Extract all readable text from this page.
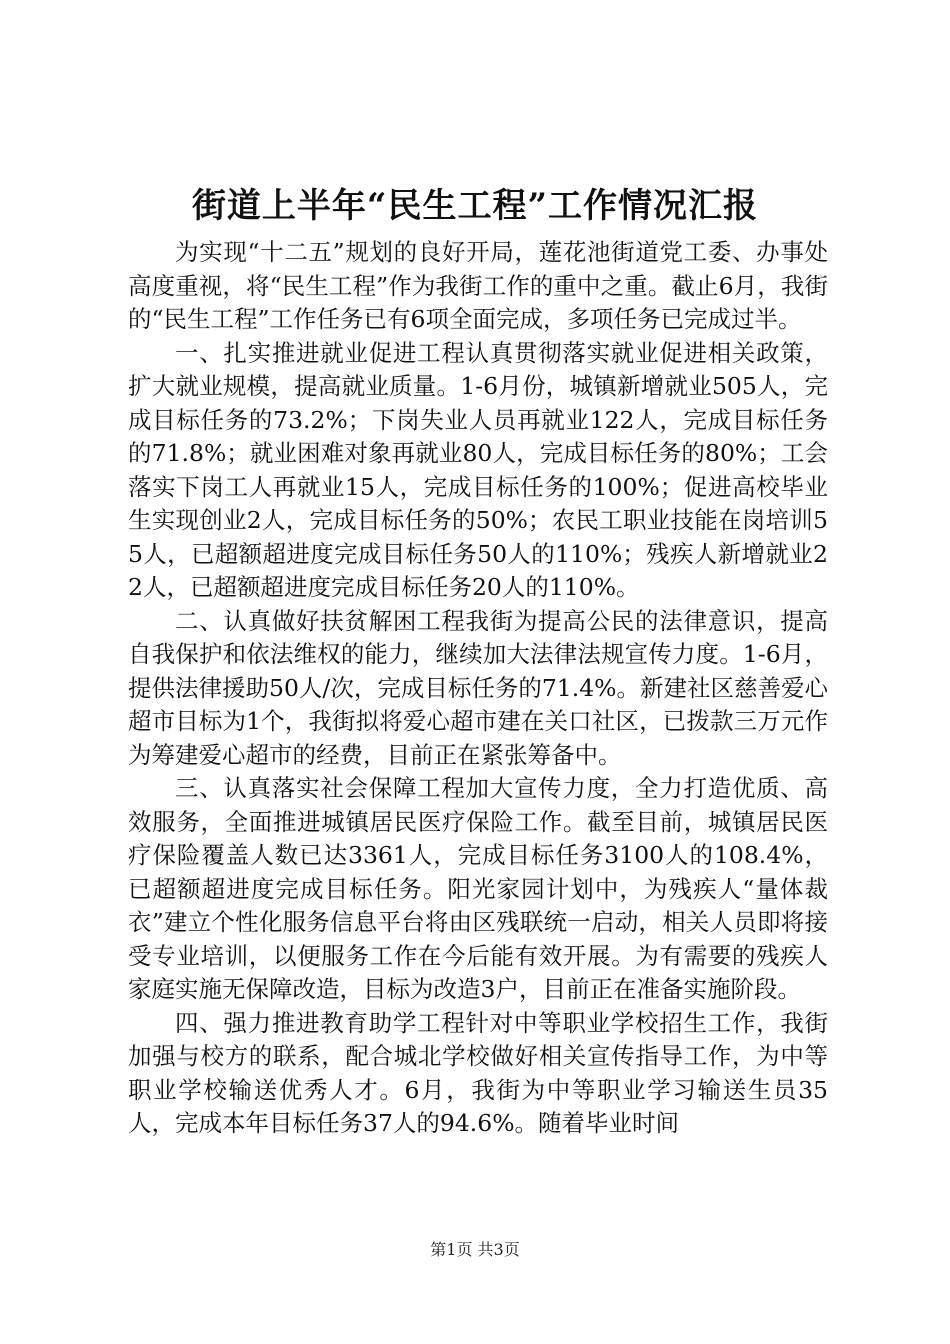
街道上半年“民生工程”工作情况汇报

为实现“十二五”规划的良好开局，莲花池街道党工委、办事处高度重视，将“民生工程”作为我街工作的重中之重。截止6月，我街的“民生工程”工作任务已有6项全面完成，多项任务已完成过半。

一、扎实推进就业促进工程认真贯彻落实就业促进相关政策，扩大就业规模，提高就业质量。1-6月份，城镇新增就业505人，完成目标任务的73.2%；下岗失业人员再就业122人，完成目标任务的71.8%；就业困难对象再就业80人，完成目标任务的80%；工会落实下岗工人再就业15人，完成目标任务的100%；促进高校毕业生实现创业2人，完成目标任务的50%；农民工职业技能在岗培训55人，已超额超进度完成目标任务50人的110%；残疾人新增就业22人，已超额超进度完成目标任务20人的110%。

二、认真做好扶贫解困工程我街为提高公民的法律意识，提高自我保护和依法维权的能力，继续加大法律法规宣传力度。1-6月，提供法律援助50人/次，完成目标任务的71.4%。新建社区慈善爱心超市目标为1个，我街拟将爱心超市建在关口社区，已拨款三万元作为筹建爱心超市的经费，目前正在紧张筹备中。

三、认真落实社会保障工程加大宣传力度，全力打造优质、高效服务，全面推进城镇居民医疗保险工作。截至目前，城镇居民医疗保险覆盖人数已达3361人，完成目标任务3100人的108.4%，已超额超进度完成目标任务。阳光家园计划中，为残疾人“量体裁衣”建立个性化服务信息平台将由区残联统一启动，相关人员即将接受专业培训，以便服务工作在今后能有效开展。为有需要的残疾人家庭实施无保障改造，目标为改造3户，目前正在准备实施阶段。

四、强力推进教育助学工程针对中等职业学校招生工作，我街加强与校方的联系，配合城北学校做好相关宣传指导工作，为中等职业学校输送优秀人才。6月，我街为中等职业学习输送生员35人，完成本年目标任务37人的94.6%。随着毕业时间

第1页 共3页
